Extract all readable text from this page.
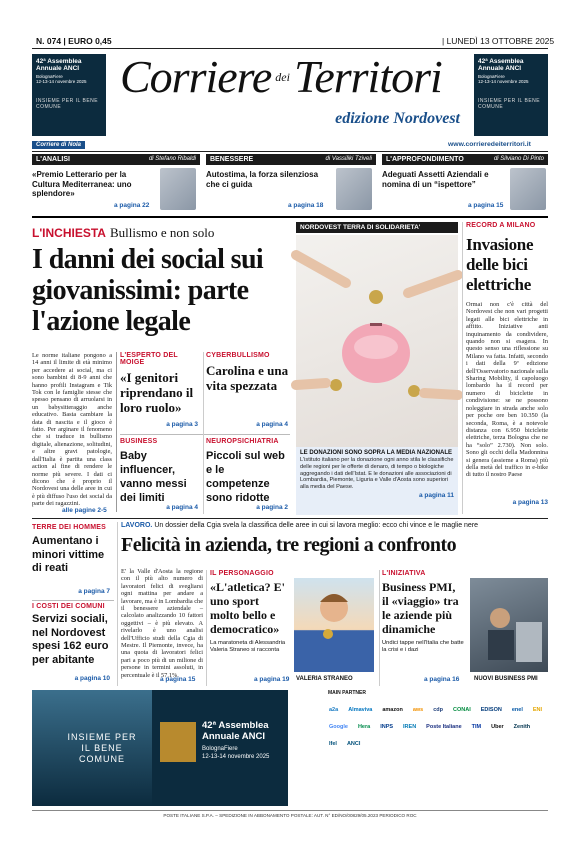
N. 074 | EURO 0,45	| LUNEDÌ 13 OTTOBRE 2025
42ª Assemblea Annuale ANCI
BolognaFiere
12-13-14 novembre 2025
INSIEME PER IL BENE COMUNE
Corriere $_{dei}$ Territori
edizione Nordovest
42ª Assemblea Annuale ANCI
BolognaFiere
12-13-14 novembre 2025
INSIEME PER IL BENE COMUNE
Corriere di Nola	www.corrieredeiterritori.it
L'ANALISI	di Stefano Ribaldi
«Premio Letterario per la Cultura Mediterranea: uno splendore»
a pagina 22
BENESSERE	di Vassiliki Tziveli
Autostima, la forza silenziosa che ci guida
a pagina 18
L'APPROFONDIMENTO	di Silviano Di Pinto
Adeguati Assetti Aziendali e nomina di un “ispettore”
a pagina 15
L'INCHIESTA Bullismo e non solo
I danni dei social sui giovanissimi: parte l'azione legale
Le norme italiane pongono a 14 anni il limite di età minimo per accedere ai social, ma ci sono bambini di 8-9 anni che hanno profili Instagram e Tik Tok con le famiglie stesse che spesso pensano di arruolarsi in un babysitteraggio anche educativo. Basta cambiare la data di nascita e il gioco è fatto. Per arginare il fenomeno che si traduce in bullismo digitale, alienazione, solitudini, e altre gravi patologie, dall'Italia è partita una class action al fine di rendere le norme più severe. I dati ci dicono che è proprio il Nordovest una delle aree in cui è più diffuso l'uso dei social da parte dei ragazzini.
alle pagine 2-5
L'ESPERTO DEL MOIGE
«I genitori riprendano il loro ruolo»
a pagina 3
CYBERBULLISMO
Carolina e una vita spezzata
a pagina 4
BUSINESS
Baby influencer, vanno messi dei limiti
a pagina 4
NEUROPSICHIATRIA
Piccoli sul web e le competenze sono ridotte
a pagina 2
NORDOVEST TERRA DI SOLIDARIETA'
LE DONAZIONI SONO SOPRA LA MEDIA NAZIONALE
L'istituto italiano per la donazione ogni anno stila le classifiche delle regioni per le offerte di denaro, di tempo o biologiche aggregando i dati dell'Istat. E le donazioni alle associazioni di Lombardia, Piemonte, Liguria e Valle d'Aosta sono superiori alla media del Paese.
a pagina 11
RECORD A MILANO
Invasione delle bici elettriche
Ormai non c'è città del Nordovest che non vari progetti legati alle bici elettriche in affitto. Iniziative anti inquinamento da condividere, quando non si esagera. In questo senso una riflessione su Milano va fatta. Infatti, secondo i dati della 9ª edizione dell'Osservatorio nazionale sulla Sharing Mobility, il capoluogo lombardo ha il record per numero di biciclette in condivisione: se ne possono noleggiare in strada anche solo per poche ore ben 10.350 (la seconda, Roma, è a notevole distanza con 6.950 biciclette elettriche, terza Bologna che ne ha “solo” 2.730). Non solo. Sono gli occhi della Madonnina si genera (assieme a Roma) più della metà del traffico in e-bike di tutto il nostro Paese
a pagina 13
TERRE DEI HOMMES
Aumentano i minori vittime di reati
a pagina 7
I COSTI DEI COMUNI
Servizi sociali, nel Nordovest spesi 162 euro per abitante
a pagina 10
LAVORO. Un dossier della Cgia svela la classifica delle aree in cui si lavora meglio: ecco chi vince e le maglie nere
Felicità in azienda, tre regioni a confronto
E' la Valle d'Aosta la regione con il più alto numero di lavoratori felici di svegliarsi ogni mattina per andare a lavorare, ma è in Lombardia che il benessere aziendale – calcolato analizzando 10 fattori oggettivi – è più elevato. A rivelarlo è uno analisi dell'Ufficio studi della Cgia di Mestre. Il Piemonte, invece, ha una quota di lavoratori felici pari a poco più di un milione di persone in termini assoluti, in percentuale è il 57,1%.
a pagina 15
IL PERSONAGGIO
«L'atletica? E' uno sport molto bello e democratico»
La maratoneta di Alessandria Valeria Straneo si racconta
a pagina 19 VALERIA STRANEO
L'INIZIATIVA
Business PMI, il «viaggio» tra le aziende più dinamiche
Undici tappe nell'Italia che batte la crisi e i dazi
a pagina 16 NUOVI BUSINESS PMI
INSIEME PER IL BENE COMUNE
42ª Assemblea Annuale ANCI
BolognaFiere
12-13-14 novembre 2025
MAIN PARTNER
a2a Almaviva amazon aws cdp CONAI EDISON enel ENI Google Hera INPS IREN Poste Italiane TIM Uber Zenith Ifel ANCI
POSTE ITALIANE S.P.A. – SPEDIZIONE IN ABBONAMENTO POSTALE: AUT. N° ED/NO/00829/05.2023 PERIODICO ROC
